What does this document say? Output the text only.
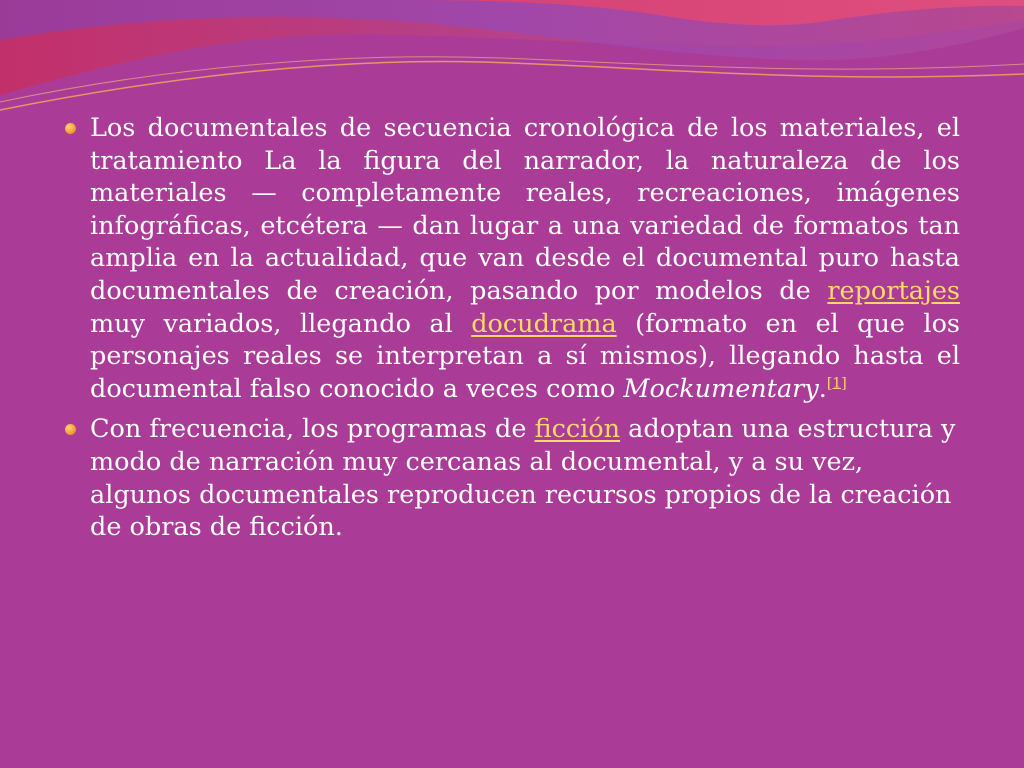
Los documentales de secuencia cronológica de los materiales, el tratamiento La la figura del narrador, la naturaleza de los materiales — completamente reales, recreaciones, imágenes infográficas, etcétera — dan lugar a una variedad de formatos tan amplia en la actualidad, que van desde el documental puro hasta documentales de creación, pasando por modelos de reportajes muy variados, llegando al docudrama (formato en el que los personajes reales se interpretan a sí mismos), llegando hasta el documental falso conocido a veces como Mockumentary.[1]
Con frecuencia, los programas de ficción adoptan una estructura y modo de narración muy cercanas al documental, y a su vez, algunos documentales reproducen recursos propios de la creación de obras de ficción.
